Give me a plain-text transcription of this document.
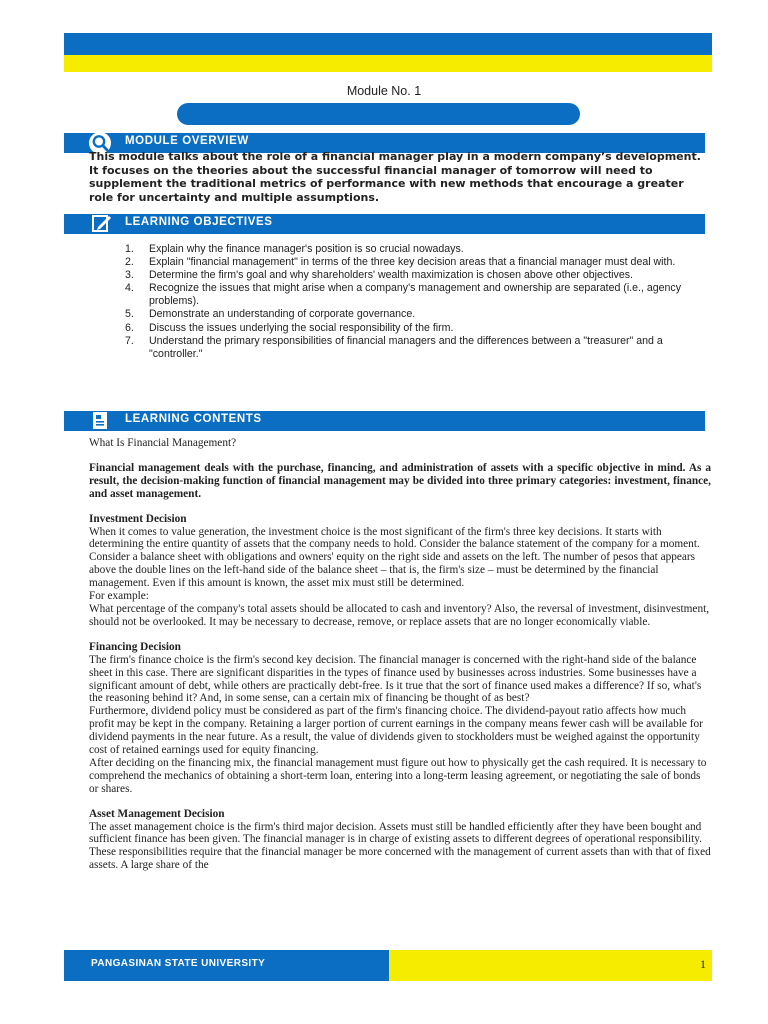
Module No. 1
MODULE OVERVIEW
This module talks about the role of a financial manager play in a modern company’s development. It focuses on the theories about the successful financial manager of tomorrow will need to supplement the traditional metrics of performance with new methods that encourage a greater role for uncertainty and multiple assumptions.
LEARNING OBJECTIVES
1. Explain why the finance manager's position is so crucial nowadays.
2. Explain "financial management" in terms of the three key decision areas that a financial manager must deal with.
3. Determine the firm's goal and why shareholders' wealth maximization is chosen above other objectives.
4. Recognize the issues that might arise when a company's management and ownership are separated (i.e., agency problems).
5. Demonstrate an understanding of corporate governance.
6. Discuss the issues underlying the social responsibility of the firm.
7. Understand the primary responsibilities of financial managers and the differences between a "treasurer" and a "controller."
LEARNING CONTENTS

What Is Financial Management?

Financial management deals with the purchase, financing, and administration of assets with a specific objective in mind. As a result, the decision-making function of financial management may be divided into three primary categories: investment, finance, and asset management.

Investment Decision

When it comes to value generation, the investment choice is the most significant of the firm's three key decisions. It starts with determining the entire quantity of assets that the company needs to hold. Consider the balance statement of the company for a moment. Consider a balance sheet with obligations and owners' equity on the right side and assets on the left. The number of pesos that appears above the double lines on the left-hand side of the balance sheet – that is, the firm's size – must be determined by the financial management. Even if this amount is known, the asset mix must still be determined.

For example:

What percentage of the company's total assets should be allocated to cash and inventory? Also, the reversal of investment, disinvestment, should not be overlooked. It may be necessary to decrease, remove, or replace assets that are no longer economically viable.

Financing Decision

The firm's finance choice is the firm's second key decision. The financial manager is concerned with the right-hand side of the balance sheet in this case. There are significant disparities in the types of finance used by businesses across industries. Some businesses have a significant amount of debt, while others are practically debt-free. Is it true that the sort of finance used makes a difference? If so, what's the reasoning behind it? And, in some sense, can a certain mix of financing be thought of as best?

Furthermore, dividend policy must be considered as part of the firm's financing choice. The dividend-payout ratio affects how much profit may be kept in the company. Retaining a larger portion of current earnings in the company means fewer cash will be available for dividend payments in the near future. As a result, the value of dividends given to stockholders must be weighed against the opportunity cost of retained earnings used for equity financing.

After deciding on the financing mix, the financial management must figure out how to physically get the cash required. It is necessary to comprehend the mechanics of obtaining a short-term loan, entering into a long-term leasing agreement, or negotiating the sale of bonds or shares.

Asset Management Decision

The asset management choice is the firm's third major decision. Assets must still be handled efficiently after they have been bought and sufficient finance has been given. The financial manager is in charge of existing assets to different degrees of operational responsibility. These responsibilities require that the financial manager be more concerned with the management of current assets than with that of fixed assets. A large share of the

PANGASINAN STATE UNIVERSITY	1
